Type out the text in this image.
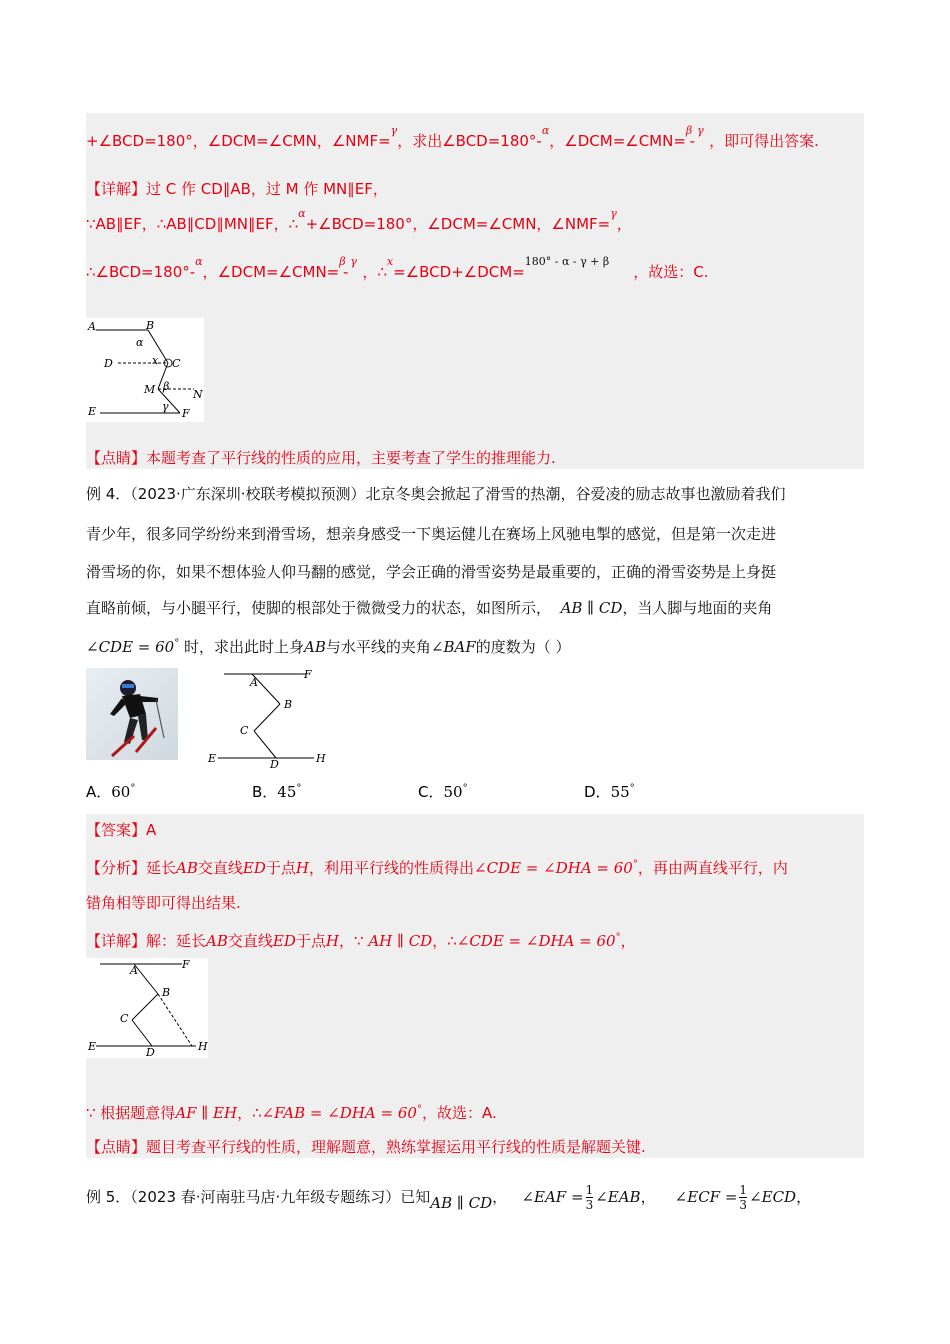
+∠BCD=180°，∠DCM=∠CMN，∠NMF=$^\gamma$，求出∠BCD=180°-$^\alpha$，∠DCM=∠CMN=$^\beta$ $^\gamma$- ，即可得出答案.
【详解】过 C 作 CD∥AB，过 M 作 MN∥EF，
∵AB∥EF，∴AB∥CD∥MN∥EF，∴$^\alpha$+∠BCD=180°，∠DCM=∠CMN，∠NMF=$^\gamma$，
∴∠BCD=180°-$^\alpha$，∠DCM=∠CMN=$^\beta$ $^\gamma$- ，∴$^x$=∠BCD+∠DCM=$^{180^\circ - \alpha - \gamma + \beta}$，故选：C.
A	B
α
D	x C
M β
N
γ
E	F
【点睛】本题考查了平行线的性质的应用，主要考查了学生的推理能力.
例 4．（2023·广东深圳·校联考模拟预测）北京冬奥会掀起了滑雪的热潮，谷爱凌的励志故事也激励着我们
青少年，很多同学纷纷来到滑雪场，想亲身感受一下奥运健儿在赛场上风驰电掣的感觉，但是第一次走进
滑雪场的你，如果不想体验人仰马翻的感觉，学会正确的滑雪姿势是最重要的，正确的滑雪姿势是上身挺
直略前倾，与小腿平行，使脚的根部处于微微受力的状态，如图所示， AB ∥ CD，当人脚与地面的夹角
∠CDE = 60° 时，求出此时上身AB与水平线的夹角∠BAF的度数为（ ）
A
F
B
C
E	D	H
A．60°	B．45°	C．50°	D．55°
【答案】A
【分析】延长AB交直线ED于点H，利用平行线的性质得出∠CDE = ∠DHA = 60°，再由两直线平行，内
错角相等即可得出结果.
【详解】解：延长AB交直线ED于点H，∵ AH ∥ CD，∴∠CDE = ∠DHA = 60°，
A	F
B
C
E	D	H
∵ 根据题意得AF ∥ EH，∴∠FAB = ∠DHA = 60°，故选：A.
【点睛】题目考查平行线的性质，理解题意，熟练掌握运用平行线的性质是解题关键.
例 5．（2023 春·河南驻马店·九年级专题练习）已知AB ∥ CD， ∠EAF = $\frac{1}{3}$ ∠EAB， ∠ECF = $\frac{1}{3}$ ∠ECD，
